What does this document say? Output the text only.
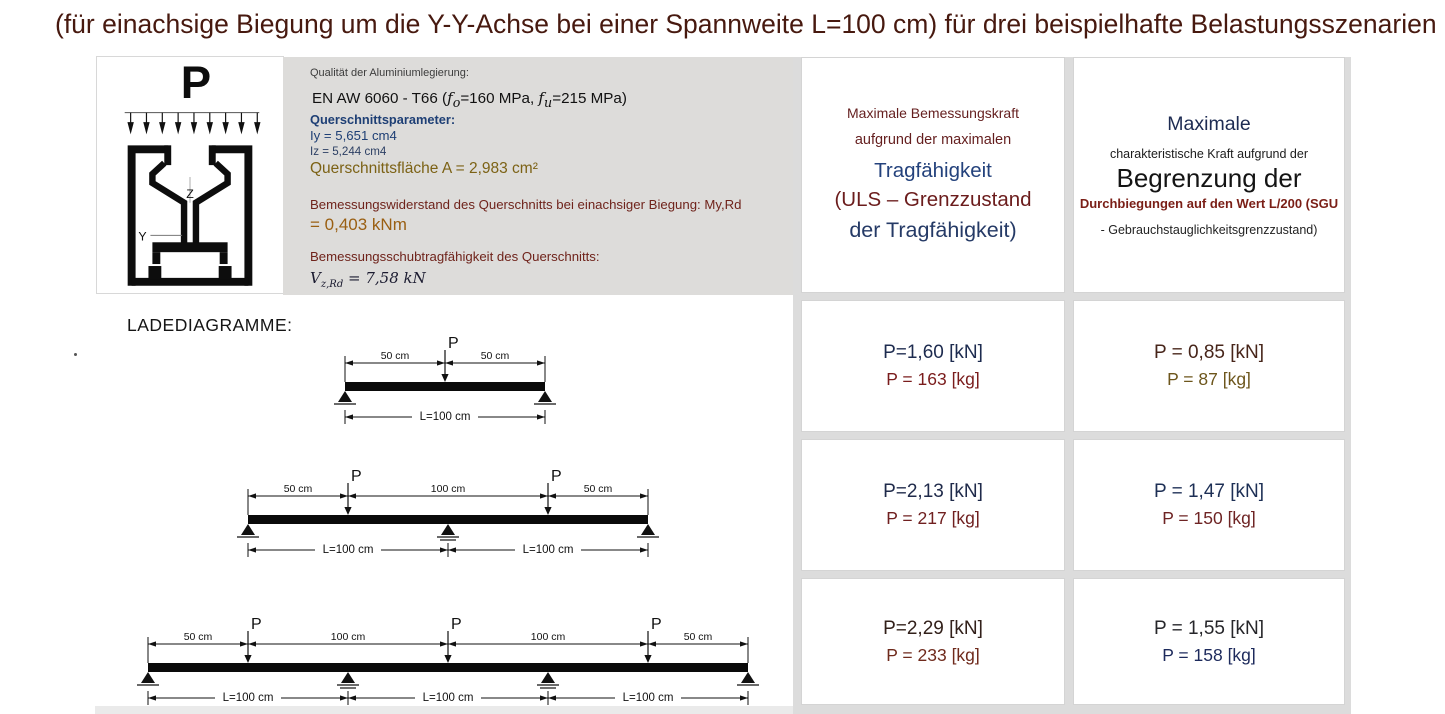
(für einachsige Biegung um die Y-Y-Achse bei einer Spannweite L=100 cm) für drei beispielhafte Belastungsszenarien
P
Z
Y
Qualität der Aluminiumlegierung:
EN AW 6060 - T66 ($f_o=160$ MPa, $f_u=215$ MPa)
Querschnittsparameter:
Iy = 5,651 cm4
Iz = 5,244 cm4
Querschnittsfläche A = 2,983 cm²
Bemessungswiderstand des Querschnitts bei einachsiger Biegung: My,Rd
= 0,403 kNm
Bemessungsschubtragfähigkeit des Querschnitts:
$V_{z,Rd} = 7,58$ kN
LADEDIAGRAMME:
50 cm	50 cm
P
L=100 cm
50 cm	100 cm	50 cm
P	P
L=100 cm	L=100 cm
50 cm	100 cm	100 cm	50 cm
P	P	P
L=100 cm	L=100 cm	L=100 cm
Maximale Bemessungskraft
aufgrund der maximalen
Tragfähigkeit
(ULS – Grenzzustand
der Tragfähigkeit)
Maximale
charakteristische Kraft aufgrund der
Begrenzung der
Durchbiegungen auf den Wert L/200 (SGU
- Gebrauchstauglichkeitsgrenzzustand)
P=1,60 [kN]
P = 163 [kg]
P = 0,85 [kN]
P = 87 [kg]
P=2,13 [kN]
P = 217 [kg]
P = 1,47 [kN]
P = 150 [kg]
P=2,29 [kN]
P = 233 [kg]
P = 1,55 [kN]
P = 158 [kg]
